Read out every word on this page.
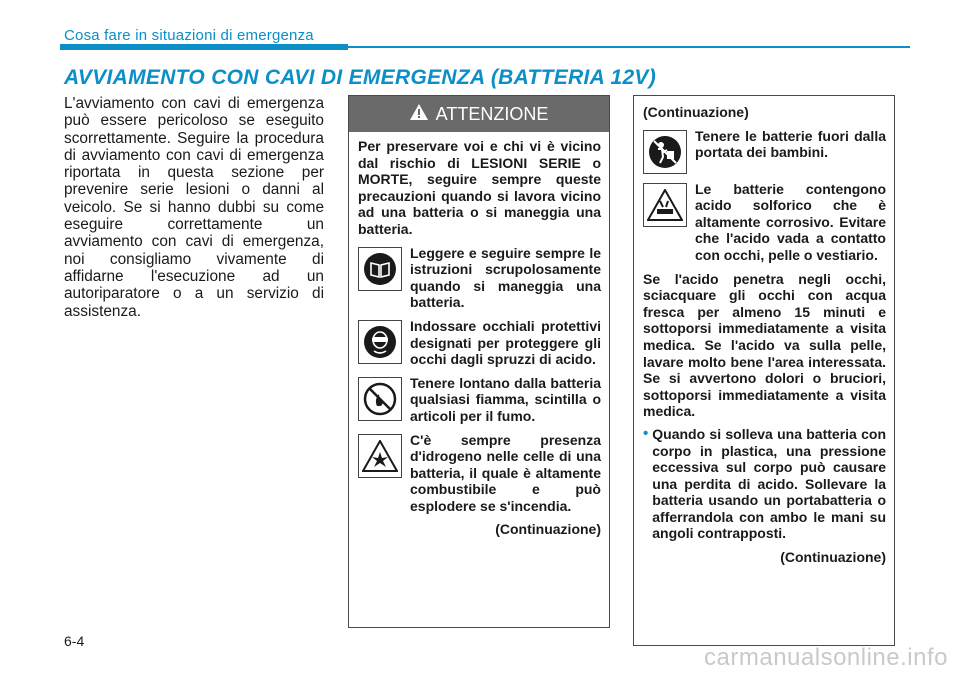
Cosa fare in situazioni di emergenza
AVVIAMENTO CON CAVI DI EMERGENZA (BATTERIA 12V)
L'avviamento con cavi di emergenza può essere pericoloso se eseguito scorrettamente. Seguire la procedura di avviamento con cavi di emergenza riportata in questa sezione per prevenire serie lesioni o danni al veicolo. Se si hanno dubbi su come eseguire correttamente un avviamento con cavi di emergenza, noi consigliamo vivamente di affidarne l'esecuzione ad un autoriparatore o a un servizio di assistenza.
ATTENZIONE
Per preservare voi e chi vi è vicino dal rischio di LESIONI SERIE o MORTE, seguire sempre queste precauzioni quando si lavora vicino ad una batteria o si maneggia una batteria.
Leggere e seguire sempre le istruzioni scrupolosamente quando si maneggia una batteria.
Indossare occhiali protettivi designati per proteggere gli occhi dagli spruzzi di acido.
Tenere lontano dalla batteria qualsiasi fiamma, scintilla o articoli per il fumo.
C'è sempre presenza d'idrogeno nelle celle di una batteria, il quale è altamente combustibile e può esplodere se s'incendia.
(Continuazione)
(Continuazione)
Tenere le batterie fuori dalla portata dei bambini.
Le batterie contengono acido solforico che è altamente corrosivo. Evitare che l'acido vada a contatto con occhi, pelle o vestiario.
Se l'acido penetra negli occhi, sciacquare gli occhi con acqua fresca per almeno 15 minuti e sottoporsi immediatamente a visita medica. Se l'acido va sulla pelle, lavare molto bene l'area interessata. Se si avvertono dolori o bruciori, sottoporsi immediatamente a visita medica.
• Quando si solleva una batteria con corpo in plastica, una pressione eccessiva sul corpo può causare una perdita di acido. Sollevare la batteria usando un portabatteria o afferrandola con ambo le mani su angoli contrapposti.
(Continuazione)
6-4
carmanualsonline.info
